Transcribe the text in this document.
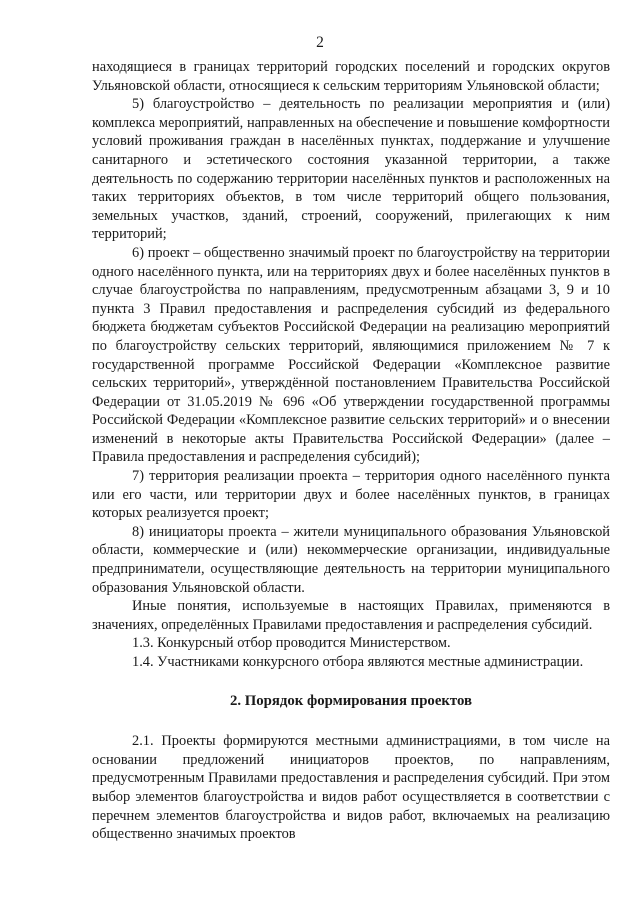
2

находящиеся в границах территорий городских поселений и городских округов Ульяновской области, относящиеся к сельским территориям Ульяновской области;

5) благоустройство – деятельность по реализации мероприятия и (или) комплекса мероприятий, направленных на обеспечение и повышение комфортности условий проживания граждан в населённых пунктах, поддержание и улучшение санитарного и эстетического состояния указанной территории, а также деятельность по содержанию территории населённых пунктов и расположенных на таких территориях объектов, в том числе территорий общего пользования, земельных участков, зданий, строений, сооружений, прилегающих к ним территорий;

6) проект – общественно значимый проект по благоустройству на территории одного населённого пункта, или на территориях двух и более населённых пунктов в случае благоустройства по направлениям, предусмотренным абзацами 3, 9 и 10 пункта 3 Правил предоставления и распределения субсидий из федерального бюджета бюджетам субъектов Российской Федерации на реализацию мероприятий по благоустройству сельских территорий, являющимися приложением № 7 к государственной программе Российской Федерации «Комплексное развитие сельских территорий», утверждённой постановлением Правительства Российской Федерации от 31.05.2019 № 696 «Об утверждении государственной программы Российской Федерации «Комплексное развитие сельских территорий» и о внесении изменений в некоторые акты Правительства Российской Федерации» (далее – Правила предоставления и распределения субсидий);

7) территория реализации проекта – территория одного населённого пункта или его части, или территории двух и более населённых пунктов, в границах которых реализуется проект;

8) инициаторы проекта – жители муниципального образования Ульяновской области, коммерческие и (или) некоммерческие организации, индивидуальные предприниматели, осуществляющие деятельность на территории муниципального образования Ульяновской области.

Иные понятия, используемые в настоящих Правилах, применяются в значениях, определённых Правилами предоставления и распределения субсидий.

1.3. Конкурсный отбор проводится Министерством.

1.4. Участниками конкурсного отбора являются местные администрации.

2. Порядок формирования проектов

2.1. Проекты формируются местными администрациями, в том числе на основании предложений инициаторов проектов, по направлениям, предусмотренным Правилами предоставления и распределения субсидий. При этом выбор элементов благоустройства и видов работ осуществляется в соответствии с перечнем элементов благоустройства и видов работ, включаемых на реализацию общественно значимых проектов
